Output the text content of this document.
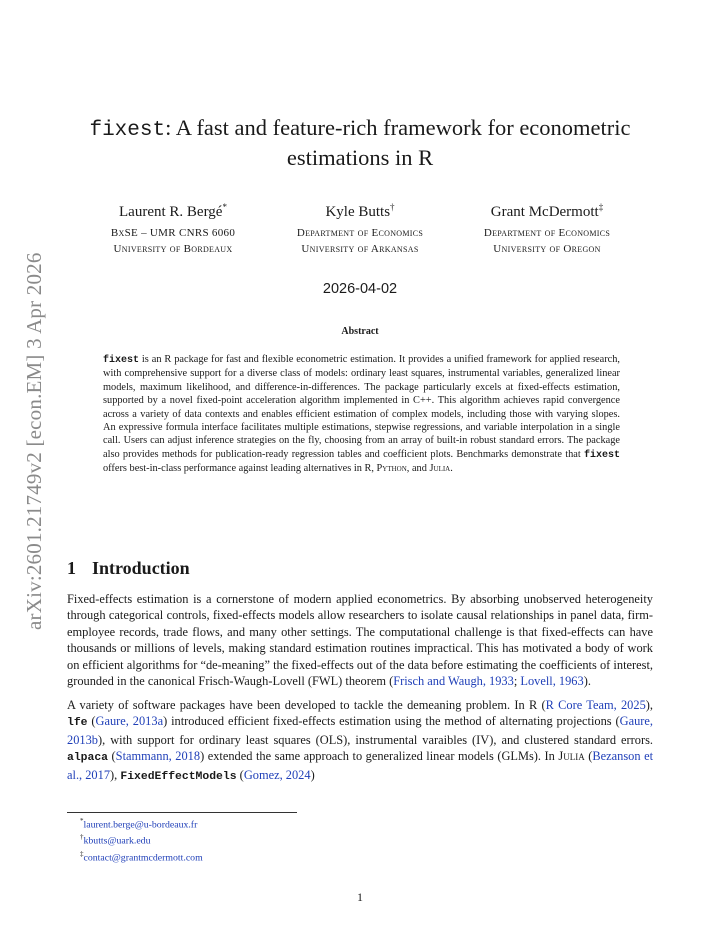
arXiv:2601.21749v2 [econ.EM] 3 Apr 2026
fixest: A fast and feature-rich framework for econometric
estimations in R
Laurent R. Bergé*
BxSE – UMR CNRS 6060
University of Bordeaux
Kyle Butts†
Department of Economics
University of Arkansas
Grant McDermott‡
Department of Economics
University of Oregon
2026-04-02
Abstract
fixest is an R package for fast and flexible econometric estimation. It provides a unified framework for applied research, with comprehensive support for a diverse class of models: ordinary least squares, instrumental variables, generalized linear models, maximum likelihood, and difference-in-differences. The package particularly excels at fixed-effects estimation, supported by a novel fixed-point acceleration algorithm implemented in C++. This algorithm achieves rapid convergence across a variety of data contexts and enables efficient estimation of complex models, including those with varying slopes. An expressive formula interface facilitates multiple estimations, stepwise regressions, and variable interpolation in a single call. Users can adjust inference strategies on the fly, choosing from an array of built-in robust standard errors. The package also provides methods for publication-ready regression tables and coefficient plots. Benchmarks demonstrate that fixest offers best-in-class performance against leading alternatives in R, Python, and Julia.
1 Introduction

Fixed-effects estimation is a cornerstone of modern applied econometrics. By absorbing unobserved heterogeneity through categorical controls, fixed-effects models allow researchers to isolate causal relationships in panel data, firm-employee records, trade flows, and many other settings. The computational challenge is that fixed-effects can have thousands or millions of levels, making standard estimation routines impractical. This has motivated a body of work on efficient algorithms for “de-meaning” the fixed-effects out of the data before estimating the coefficients of interest, grounded in the canonical Frisch-Waugh-Lovell (FWL) theorem (Frisch and Waugh, 1933; Lovell, 1963).

A variety of software packages have been developed to tackle the demeaning problem. In R (R Core Team, 2025), lfe (Gaure, 2013a) introduced efficient fixed-effects estimation using the method of alternating projections (Gaure, 2013b), with support for ordinary least squares (OLS), instrumental varaibles (IV), and clustered standard errors. alpaca (Stammann, 2018) extended the same approach to generalized linear models (GLMs). In Julia (Bezanson et al., 2017), FixedEffectModels (Gomez, 2024)

*laurent.berge@u-bordeaux.fr
†kbutts@uark.edu
‡contact@grantmcdermott.com
1
